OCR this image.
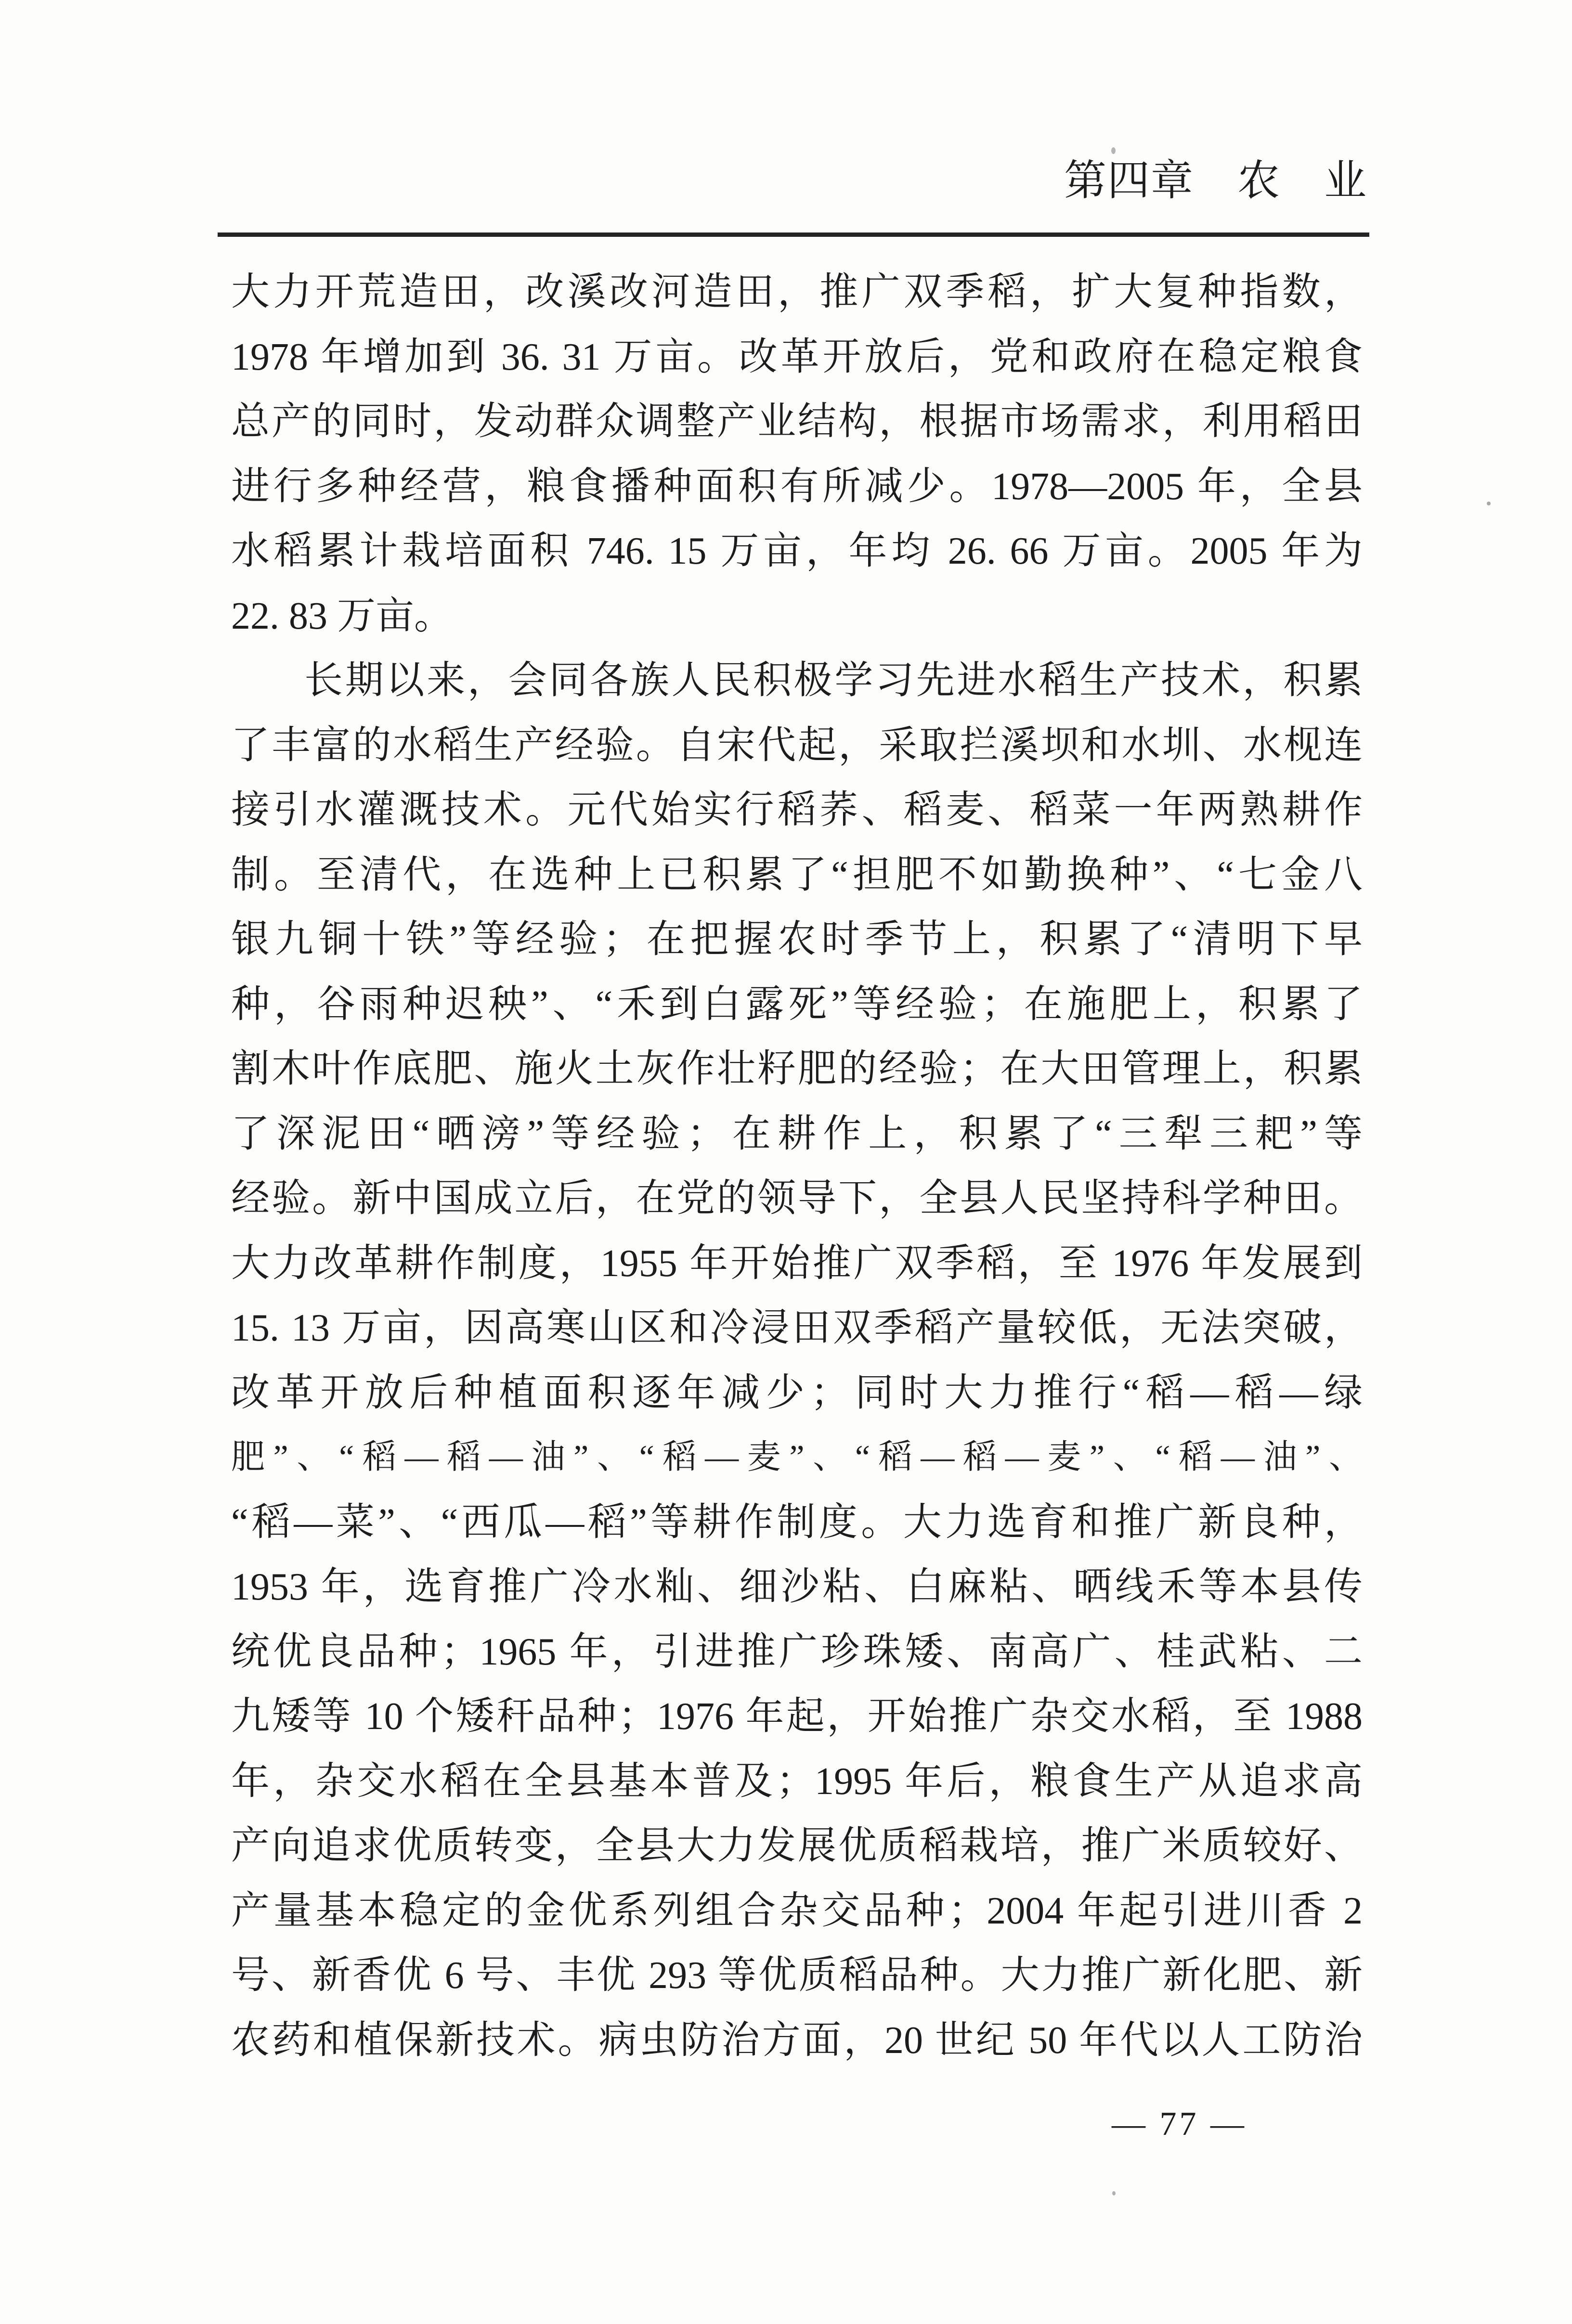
第四章　农　业
大力开荒造田，改溪改河造田，推广双季稻，扩大复种指数，
1978 年增加到 36. 31 万亩。改革开放后，党和政府在稳定粮食
总产的同时，发动群众调整产业结构，根据市场需求，利用稻田
进行多种经营，粮食播种面积有所减少。1978—2005 年，全县
水稻累计栽培面积 746. 15 万亩，年均 26. 66 万亩。2005 年为
22. 83 万亩。
长期以来，会同各族人民积极学习先进水稻生产技术，积累
了丰富的水稻生产经验。自宋代起，采取拦溪坝和水圳、水枧连
接引水灌溉技术。元代始实行稻荞、稻麦、稻菜一年两熟耕作
制。至清代，在选种上已积累了“担肥不如勤换种”、“七金八
银九铜十铁”等经验；在把握农时季节上，积累了“清明下早
种，谷雨种迟秧”、“禾到白露死”等经验；在施肥上，积累了
割木叶作底肥、施火土灰作壮籽肥的经验；在大田管理上，积累
了深泥田“晒滂”等经验；在耕作上，积累了“三犁三耙”等
经验。新中国成立后，在党的领导下，全县人民坚持科学种田。
大力改革耕作制度，1955 年开始推广双季稻，至 1976 年发展到
15. 13 万亩，因高寒山区和冷浸田双季稻产量较低，无法突破，
改革开放后种植面积逐年减少；同时大力推行“稻—稻—绿
肥”、“稻—稻—油”、“稻—麦”、“稻—稻—麦”、“稻—油”、
“稻—菜”、“西瓜—稻”等耕作制度。大力选育和推广新良种，
1953 年，选育推广冷水籼、细沙粘、白麻粘、晒线禾等本县传
统优良品种；1965 年，引进推广珍珠矮、南高广、桂武粘、二
九矮等 10 个矮秆品种；1976 年起，开始推广杂交水稻，至 1988
年，杂交水稻在全县基本普及；1995 年后，粮食生产从追求高
产向追求优质转变，全县大力发展优质稻栽培，推广米质较好、
产量基本稳定的金优系列组合杂交品种；2004 年起引进川香 2
号、新香优 6 号、丰优 293 等优质稻品种。大力推广新化肥、新
农药和植保新技术。病虫防治方面，20 世纪 50 年代以人工防治
— 77 —
